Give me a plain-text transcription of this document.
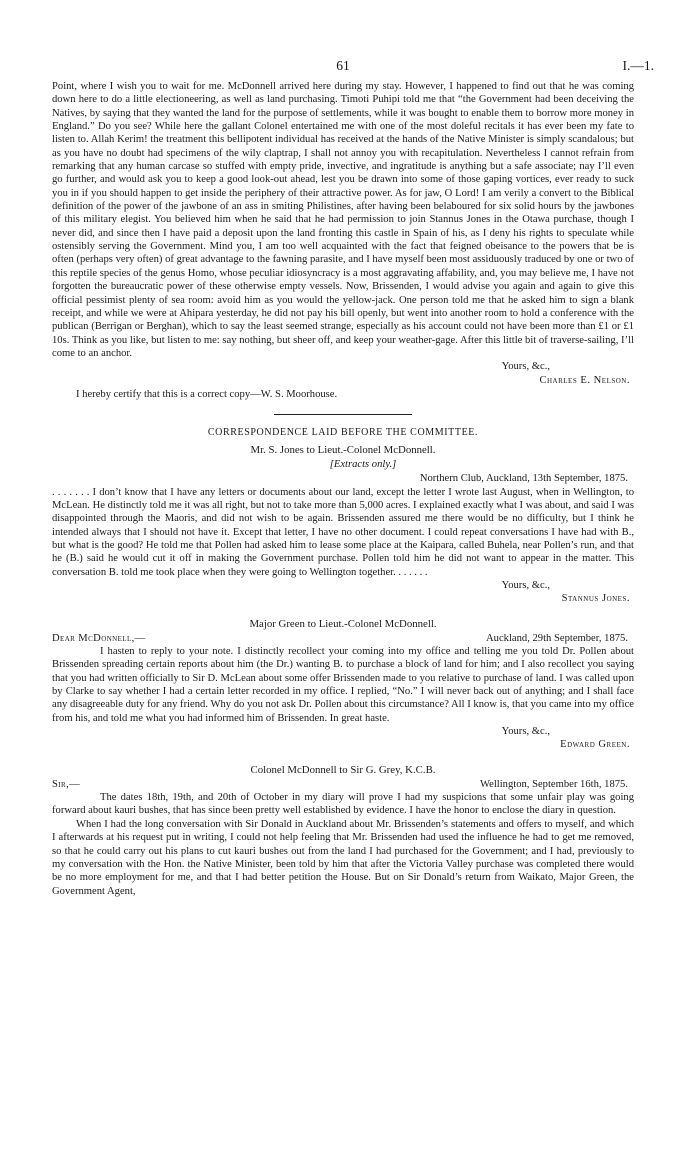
61	I.—1.

Point, where I wish you to wait for me. McDonnell arrived here during my stay. However, I happened to find out that he was coming down here to do a little electioneering, as well as land purchasing. Timoti Puhipi told me that “the Government had been deceiving the Natives, by saying that they wanted the land for the purpose of settlements, while it was bought to enable them to borrow more money in England.” Do you see? While here the gallant Colonel entertained me with one of the most doleful recitals it has ever been my fate to listen to. Allah Kerim! the treatment this bellipotent individual has received at the hands of the Native Minister is simply scandalous; but as you have no doubt had specimens of the wily claptrap, I shall not annoy you with recapitulation. Nevertheless I cannot refrain from remarking that any human carcase so stuffed with empty pride, invective, and ingratitude is anything but a safe associate; nay I’ll even go further, and would ask you to keep a good look-out ahead, lest you be drawn into some of those gaping vortices, ever ready to suck you in if you should happen to get inside the periphery of their attractive power. As for jaw, O Lord! I am verily a convert to the Biblical definition of the power of the jawbone of an ass in smiting Philistines, after having been belaboured for six solid hours by the jawbones of this military elegist. You believed him when he said that he had permission to join Stannus Jones in the Otawa purchase, though I never did, and since then I have paid a deposit upon the land fronting this castle in Spain of his, as I deny his rights to speculate while ostensibly serving the Government. Mind you, I am too well acquainted with the fact that feigned obeisance to the powers that be is often (perhaps very often) of great advantage to the fawning parasite, and I have myself been most assiduously traduced by one or two of this reptile species of the genus Homo, whose peculiar idiosyncracy is a most aggravating affability, and, you may believe me, I have not forgotten the bureaucratic power of these otherwise empty vessels. Now, Brissenden, I would advise you again and again to give this official pessimist plenty of sea room: avoid him as you would the yellow-jack. One person told me that he asked him to sign a blank receipt, and while we were at Ahipara yesterday, he did not pay his bill openly, but went into another room to hold a conference with the publican (Berrigan or Berghan), which to say the least seemed strange, especially as his account could not have been more than £1 or £1 10s. Think as you like, but listen to me: say nothing, but sheer off, and keep your weather-gage. After this little bit of traverse-sailing, I’ll come to an anchor.

Yours, &c.,
Charles E. Nelson.
I hereby certify that this is a correct copy—W. S. Moorhouse.
CORRESPONDENCE LAID BEFORE THE COMMITTEE.
Mr. S. Jones to Lieut.-Colonel McDonnell.
[Extracts only.]
Northern Club, Auckland, 13th September, 1875.

. . . . . . . I don’t know that I have any letters or documents about our land, except the letter I wrote last August, when in Wellington, to McLean. He distinctly told me it was all right, but not to take more than 5,000 acres. I explained exactly what I was about, and said I was disappointed through the Maoris, and did not wish to be again. Brissenden assured me there would be no difficulty, but I think he intended always that I should not have it. Except that letter, I have no other document. I could repeat conversations I have had with B., but what is the good? He told me that Pollen had asked him to lease some place at the Kaipara, called Buhela, near Pollen’s run, and that he (B.) said he would cut it off in making the Government purchase. Pollen told him he did not want to appear in the matter. This conversation B. told me took place when they were going to Wellington together. . . . . . .

Yours, &c.,
Stannus Jones.
Major Green to Lieut.-Colonel McDonnell.
Dear McDonnell,—	Auckland, 29th September, 1875.

I hasten to reply to your note. I distinctly recollect your coming into my office and telling me you told Dr. Pollen about Brissenden spreading certain reports about him (the Dr.) wanting B. to purchase a block of land for him; and I also recollect you saying that you had written officially to Sir D. McLean about some offer Brissenden made to you relative to purchase of land. I was called upon by Clarke to say whether I had a certain letter recorded in my office. I replied, “No.” I will never back out of anything; and I shall face any disagreeable duty for any friend. Why do you not ask Dr. Pollen about this circumstance? All I know is, that you came into my office from his, and told me what you had informed him of Brissenden. In great haste.

Yours, &c.,
Edward Green.
Colonel McDonnell to Sir G. Grey, K.C.B.
Sir,—	Wellington, September 16th, 1875.

The dates 18th, 19th, and 20th of October in my diary will prove I had my suspicions that some unfair play was going forward about kauri bushes, that has since been pretty well established by evidence. I have the honor to enclose the diary in question.

When I had the long conversation with Sir Donald in Auckland about Mr. Brissenden’s statements and offers to myself, and which I afterwards at his request put in writing, I could not help feeling that Mr. Brissenden had used the influence he had to get me removed, so that he could carry out his plans to cut kauri bushes out from the land I had purchased for the Government; and I had, previously to my conversation with the Hon. the Native Minister, been told by him that after the Victoria Valley purchase was completed there would be no more employment for me, and that I had better petition the House. But on Sir Donald’s return from Waikato, Major Green, the Government Agent,
